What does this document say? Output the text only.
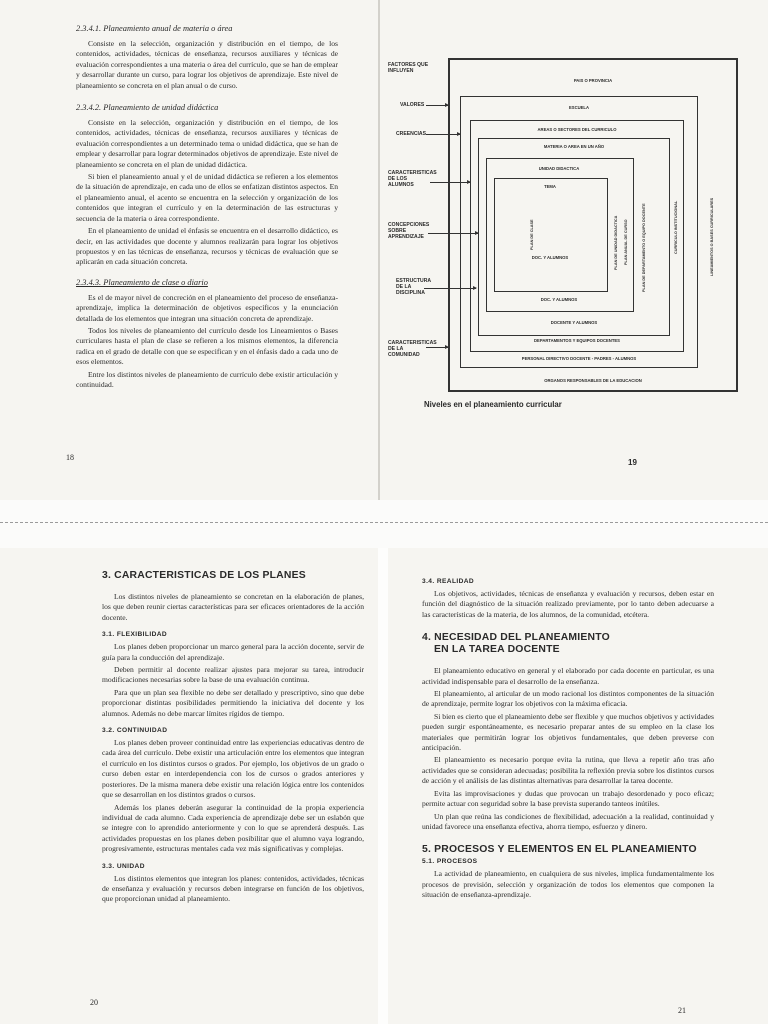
2.3.4.1. Planeamiento anual de materia o área

Consiste en la selección, organización y distribución en el tiempo, de los contenidos, actividades, técnicas de enseñanza, recursos auxiliares y técnicas de evaluación correspondientes a una materia o área del currículo, que se han de emplear y desarrollar durante un curso, para lograr los objetivos de aprendizaje. Este nivel de planeamiento se concreta en el plan anual o de curso.

2.3.4.2. Planeamiento de unidad didáctica

Consiste en la selección, organización y distribución en el tiempo, de los contenidos, actividades, técnicas de enseñanza, recursos auxiliares y técnicas de evaluación correspondientes a un determinado tema o unidad didáctica, que se han de emplear y desarrollar para lograr determinados objetivos de aprendizaje. Este nivel de planeamiento se concreta en el plan de unidad didáctica.

Si bien el planeamiento anual y el de unidad didáctica se refieren a los elementos de la situación de aprendizaje, en cada uno de ellos se enfatizan distintos aspectos. En el planeamiento anual, el acento se encuentra en la selección y organización de los contenidos que integran el currículo y en la determinación de las estructuras y secuencia de la materia o área correspondiente.

En el planeamiento de unidad el énfasis se encuentra en el desarrollo didáctico, es decir, en las actividades que docente y alumnos realizarán para lograr los objetivos propuestos y en las técnicas de enseñanza, recursos y técnicas de evaluación que se aplicarán en cada situación concreta.

2.3.4.3. Planeamiento de clase o diario

Es el de mayor nivel de concreción en el planeamiento del proceso de enseñanza-aprendizaje, implica la determinación de objetivos específicos y la enunciación detallada de los elementos que integran una situación concreta de aprendizaje.

Todos los niveles de planeamiento del currículo desde los Lineamientos o Bases curriculares hasta el plan de clase se refieren a los mismos elementos, la diferencia radica en el grado de detalle con que se especifican y en el énfasis dado a cada uno de esos elementos.

Entre los distintos niveles de planeamiento de currículo debe existir articulación y continuidad.

18
FACTORES QUE INFLUYEN
VALORES
CREENCIAS
CARACTERISTICAS DE LOS ALUMNOS
CONCEPCIONES SOBRE APRENDIZAJE
ESTRUCTURA DE LA DISCIPLINA
CARACTERISTICAS DE LA COMUNIDAD
PAIS O PROVINCIA
ESCUELA
AREAS O SECTORES DEL CURRICULO
MATERIA O AREA EN UN AÑO
UNIDAD DIDACTICA
TEMA
DOC. Y ALUMNOS
DOC. Y ALUMNOS
DOCENTE Y ALUMNOS
DEPARTAMENTOS Y EQUIPOS DOCENTES
PERSONAL DIRECTIVO DOCENTE - PADRES - ALUMNOS
ORGANOS RESPONSABLES DE LA EDUCACION
PLAN DE CLASE	PLAN DE UNIDAD DIDACTICA PLAN ANUAL DE CURSO	PLAN DE DEPARTAMENTO O EQUIPO DOCENTE	CURRICULO INSTITUCIONAL	LINEAMIENTOS O BASES CURRICULARES
Niveles en el planeamiento curricular
19
3. CARACTERISTICAS DE LOS PLANES

Los distintos niveles de planeamiento se concretan en la elaboración de planes, los que deben reunir ciertas características para ser eficaces orientadores de la acción docente.

3.1. FLEXIBILIDAD

Los planes deben proporcionar un marco general para la acción docente, servir de guía para la conducción del aprendizaje.

Deben permitir al docente realizar ajustes para mejorar su tarea, introducir modificaciones necesarias sobre la base de una evaluación continua.

Para que un plan sea flexible no debe ser detallado y prescriptivo, sino que debe proporcionar distintas posibilidades permitiendo la iniciativa del docente y los alumnos. Además no debe marcar límites rígidos de tiempo.

3.2. CONTINUIDAD

Los planes deben proveer continuidad entre las experiencias educativas dentro de cada área del currículo. Debe existir una articulación entre los elementos que integran el currículo en los distintos cursos o grados. Por ejemplo, los objetivos de un grado o curso deben estar en interdependencia con los de cursos o grados anteriores y posteriores. De la misma manera debe existir una relación lógica entre los contenidos que se desarrollan en los distintos grados o cursos.

Además los planes deberán asegurar la continuidad de la propia experiencia individual de cada alumno. Cada experiencia de aprendizaje debe ser un eslabón que se integre con lo aprendido anteriormente y con lo que se aprenderá después. Las actividades propuestas en los planes deben posibilitar que el alumno vaya logrando, progresivamente, estructuras mentales cada vez más significativas y complejas.

3.3. UNIDAD

Los distintos elementos que integran los planes: contenidos, actividades, técnicas de enseñanza y evaluación y recursos deben integrarse en función de los objetivos, que proporcionan unidad al planeamiento.

20
3.4. REALIDAD

Los objetivos, actividades, técnicas de enseñanza y evaluación y recursos, deben estar en función del diagnóstico de la situación realizado previamente, por lo tanto deben adecuarse a las características de la materia, de los alumnos, de la comunidad, etcétera.

4. NECESIDAD DEL PLANEAMIENTO
EN LA TAREA DOCENTE

El planeamiento educativo en general y el elaborado por cada docente en particular, es una actividad indispensable para el desarrollo de la enseñanza.

El planeamiento, al articular de un modo racional los distintos componentes de la situación de aprendizaje, permite lograr los objetivos con la máxima eficacia.

Si bien es cierto que el planeamiento debe ser flexible y que muchos objetivos y actividades pueden surgir espontáneamente, es necesario preparar antes de su empleo en la clase los materiales que permitirán lograr los objetivos fundamentales, que deben preverse con anticipación.

El planeamiento es necesario porque evita la rutina, que lleva a repetir año tras año actividades que se consideran adecuadas; posibilita la reflexión previa sobre los distintos cursos de acción y el análisis de las distintas alternativas para desarrollar la tarea docente.

Evita las improvisaciones y dudas que provocan un trabajo desordenado y poco eficaz; permite actuar con seguridad sobre la base prevista superando tanteos inútiles.

Un plan que reúna las condiciones de flexibilidad, adecuación a la realidad, continuidad y unidad favorece una enseñanza efectiva, ahorra tiempo, esfuerzo y dinero.

5. PROCESOS Y ELEMENTOS EN EL PLANEAMIENTO
5.1. PROCESOS

La actividad de planeamiento, en cualquiera de sus niveles, implica fundamentalmente los procesos de previsión, selección y organización de todos los elementos que componen la situación de enseñanza-aprendizaje.

21
